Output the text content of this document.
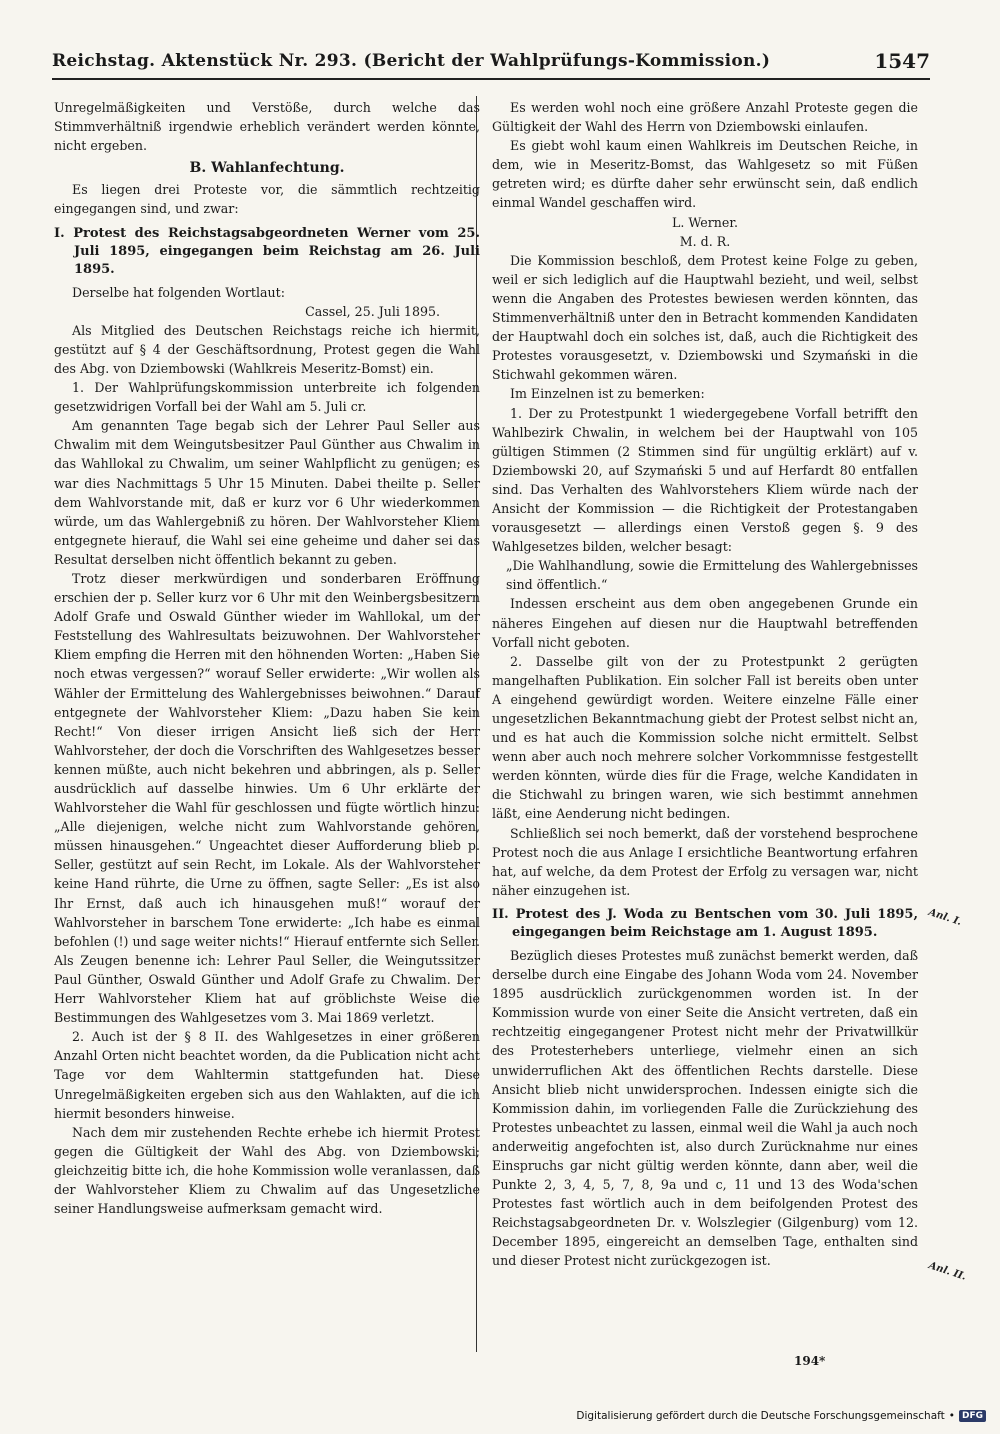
Reichstag. Aktenstück Nr. 293. (Bericht der Wahlprüfungs-Kommission.)	1547

Unregelmäßigkeiten und Verstöße, durch welche das Stimmverhältniß irgendwie erheblich verändert werden könnte, nicht ergeben.

B. Wahlanfechtung.

Es liegen drei Proteste vor, die sämmtlich rechtzeitig eingegangen sind, und zwar:

I. Protest des Reichstagsabgeordneten Werner vom 25. Juli 1895, eingegangen beim Reichstag am 26. Juli 1895.

Derselbe hat folgenden Wortlaut:

Cassel, 25. Juli 1895.

Als Mitglied des Deutschen Reichstags reiche ich hiermit, gestützt auf § 4 der Geschäftsordnung, Protest gegen die Wahl des Abg. von Dziembowski (Wahlkreis Meseritz-Bomst) ein.

1. Der Wahlprüfungskommission unterbreite ich folgenden gesetzwidrigen Vorfall bei der Wahl am 5. Juli cr.

Am genannten Tage begab sich der Lehrer Paul Seller aus Chwalim mit dem Weingutsbesitzer Paul Günther aus Chwalim in das Wahllokal zu Chwalim, um seiner Wahlpflicht zu genügen; es war dies Nachmittags 5 Uhr 15 Minuten. Dabei theilte p. Seller dem Wahlvorstande mit, daß er kurz vor 6 Uhr wiederkommen würde, um das Wahlergebniß zu hören. Der Wahlvorsteher Kliem entgegnete hierauf, die Wahl sei eine geheime und daher sei das Resultat derselben nicht öffentlich bekannt zu geben.

Trotz dieser merkwürdigen und sonderbaren Eröffnung erschien der p. Seller kurz vor 6 Uhr mit den Weinbergsbesitzern Adolf Grafe und Oswald Günther wieder im Wahllokal, um der Feststellung des Wahlresultats beizuwohnen. Der Wahlvorsteher Kliem empfing die Herren mit den höhnenden Worten: „Haben Sie noch etwas vergessen?“ worauf Seller erwiderte: „Wir wollen als Wähler der Ermittelung des Wahlergebnisses beiwohnen.“ Darauf entgegnete der Wahlvorsteher Kliem: „Dazu haben Sie kein Recht!“ Von dieser irrigen Ansicht ließ sich der Herr Wahlvorsteher, der doch die Vorschriften des Wahlgesetzes besser kennen müßte, auch nicht bekehren und abbringen, als p. Seller ausdrücklich auf dasselbe hinwies. Um 6 Uhr erklärte der Wahlvorsteher die Wahl für geschlossen und fügte wörtlich hinzu: „Alle diejenigen, welche nicht zum Wahlvorstande gehören, müssen hinausgehen.“ Ungeachtet dieser Aufforderung blieb p. Seller, gestützt auf sein Recht, im Lokale. Als der Wahlvorsteher keine Hand rührte, die Urne zu öffnen, sagte Seller: „Es ist also Ihr Ernst, daß auch ich hinausgehen muß!“ worauf der Wahlvorsteher in barschem Tone erwiderte: „Ich habe es einmal befohlen (!) und sage weiter nichts!“ Hierauf entfernte sich Seller. Als Zeugen benenne ich: Lehrer Paul Seller, die Weingutssitzer Paul Günther, Oswald Günther und Adolf Grafe zu Chwalim. Der Herr Wahlvorsteher Kliem hat auf gröblichste Weise die Bestimmungen des Wahlgesetzes vom 3. Mai 1869 verletzt.

2. Auch ist der § 8 II. des Wahlgesetzes in einer größeren Anzahl Orten nicht beachtet worden, da die Publication nicht acht Tage vor dem Wahltermin stattgefunden hat. Diese Unregelmäßigkeiten ergeben sich aus den Wahlakten, auf die ich hiermit besonders hinweise.

Nach dem mir zustehenden Rechte erhebe ich hiermit Protest gegen die Gültigkeit der Wahl des Abg. von Dziembowski; gleichzeitig bitte ich, die hohe Kommission wolle veranlassen, daß der Wahlvorsteher Kliem zu Chwalim auf das Ungesetzliche seiner Handlungsweise aufmerksam gemacht wird.

Es werden wohl noch eine größere Anzahl Proteste gegen die Gültigkeit der Wahl des Herrn von Dziembowski einlaufen.

Es giebt wohl kaum einen Wahlkreis im Deutschen Reiche, in dem, wie in Meseritz-Bomst, das Wahlgesetz so mit Füßen getreten wird; es dürfte daher sehr erwünscht sein, daß endlich einmal Wandel geschaffen wird.

L. Werner.

M. d. R.

Die Kommission beschloß, dem Protest keine Folge zu geben, weil er sich lediglich auf die Hauptwahl bezieht, und weil, selbst wenn die Angaben des Protestes bewiesen werden könnten, das Stimmenverhältniß unter den in Betracht kommenden Kandidaten der Hauptwahl doch ein solches ist, daß, auch die Richtigkeit des Protestes vorausgesetzt, v. Dziembowski und Szymański in die Stichwahl gekommen wären.

Im Einzelnen ist zu bemerken:

1. Der zu Protestpunkt 1 wiedergegebene Vorfall betrifft den Wahlbezirk Chwalin, in welchem bei der Hauptwahl von 105 gültigen Stimmen (2 Stimmen sind für ungültig erklärt) auf v. Dziembowski 20, auf Szymański 5 und auf Herfardt 80 entfallen sind. Das Verhalten des Wahlvorstehers Kliem würde nach der Ansicht der Kommission — die Richtigkeit der Protestangaben vorausgesetzt — allerdings einen Verstoß gegen §. 9 des Wahlgesetzes bilden, welcher besagt:

„Die Wahlhandlung, sowie die Ermittelung des Wahlergebnisses sind öffentlich.“

Indessen erscheint aus dem oben angegebenen Grunde ein näheres Eingehen auf diesen nur die Hauptwahl betreffenden Vorfall nicht geboten.

2. Dasselbe gilt von der zu Protestpunkt 2 gerügten mangelhaften Publikation. Ein solcher Fall ist bereits oben unter A eingehend gewürdigt worden. Weitere einzelne Fälle einer ungesetzlichen Bekanntmachung giebt der Protest selbst nicht an, und es hat auch die Kommission solche nicht ermittelt. Selbst wenn aber auch noch mehrere solcher Vorkommnisse festgestellt werden könnten, würde dies für die Frage, welche Kandidaten in die Stichwahl zu bringen waren, wie sich bestimmt annehmen läßt, eine Aenderung nicht bedingen.

Schließlich sei noch bemerkt, daß der vorstehend besprochene Protest noch die aus Anlage I ersichtliche Beantwortung erfahren hat, auf welche, da dem Protest der Erfolg zu versagen war, nicht näher einzugehen ist.

II. Protest des J. Woda zu Bentschen vom 30. Juli 1895, eingegangen beim Reichstage am 1. August 1895.

Bezüglich dieses Protestes muß zunächst bemerkt werden, daß derselbe durch eine Eingabe des Johann Woda vom 24. November 1895 ausdrücklich zurückgenommen worden ist. In der Kommission wurde von einer Seite die Ansicht vertreten, daß ein rechtzeitig eingegangener Protest nicht mehr der Privatwillkür des Protesterhebers unterliege, vielmehr einen an sich unwiderruflichen Akt des öffentlichen Rechts darstelle. Diese Ansicht blieb nicht unwidersprochen. Indessen einigte sich die Kommission dahin, im vorliegenden Falle die Zurückziehung des Protestes unbeachtet zu lassen, einmal weil die Wahl ja auch noch anderweitig angefochten ist, also durch Zurücknahme nur eines Einspruchs gar nicht gültig werden könnte, dann aber, weil die Punkte 2, 3, 4, 5, 7, 8, 9a und c, 11 und 13 des Woda'schen Protestes fast wörtlich auch in dem beifolgenden Protest des Reichstagsabgeordneten Dr. v. Wolszlegier (Gilgenburg) vom 12. December 1895, eingereicht an demselben Tage, enthalten sind und dieser Protest nicht zurückgezogen ist.

Anl. I.
Anl. II.
194*
Digitalisierung gefördert durch die Deutsche Forschungsgemeinschaft • DFG
